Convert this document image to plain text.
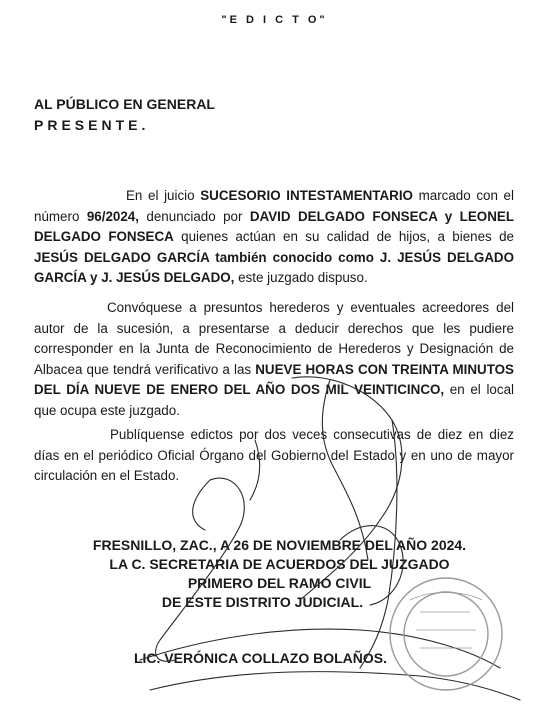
"E D I C T O"
AL PÚBLICO EN GENERAL
PRESENTE.

En el juicio SUCESORIO INTESTAMENTARIO marcado con el número 96/2024, denunciado por DAVID DELGADO FONSECA y LEONEL DELGADO FONSECA quienes actúan en su calidad de hijos, a bienes de JESÚS DELGADO GARCÍA también conocido como J. JESÚS DELGADO GARCÍA y J. JESÚS DELGADO, este juzgado dispuso.

Convóquese a presuntos herederos y eventuales acreedores del autor de la sucesión, a presentarse a deducir derechos que les pudiere corresponder en la Junta de Reconocimiento de Herederos y Designación de Albacea que tendrá verificativo a las NUEVE HORAS CON TREINTA MINUTOS DEL DÍA NUEVE DE ENERO DEL AÑO DOS MIL VEINTICINCO, en el local que ocupa este juzgado.

Publíquense edictos por dos veces consecutivas de diez en diez días en el periódico Oficial Órgano del Gobierno del Estado y en uno de mayor circulación en el Estado.

FRESNILLO, ZAC., A 26 DE NOVIEMBRE DEL AÑO 2024.
LA C. SECRETARIA DE ACUERDOS DEL JUZGADO
PRIMERO DEL RAMO CIVIL
DE ESTE DISTRITO JUDICIAL.
LIC. VERÓNICA COLLAZO BOLAÑOS.
